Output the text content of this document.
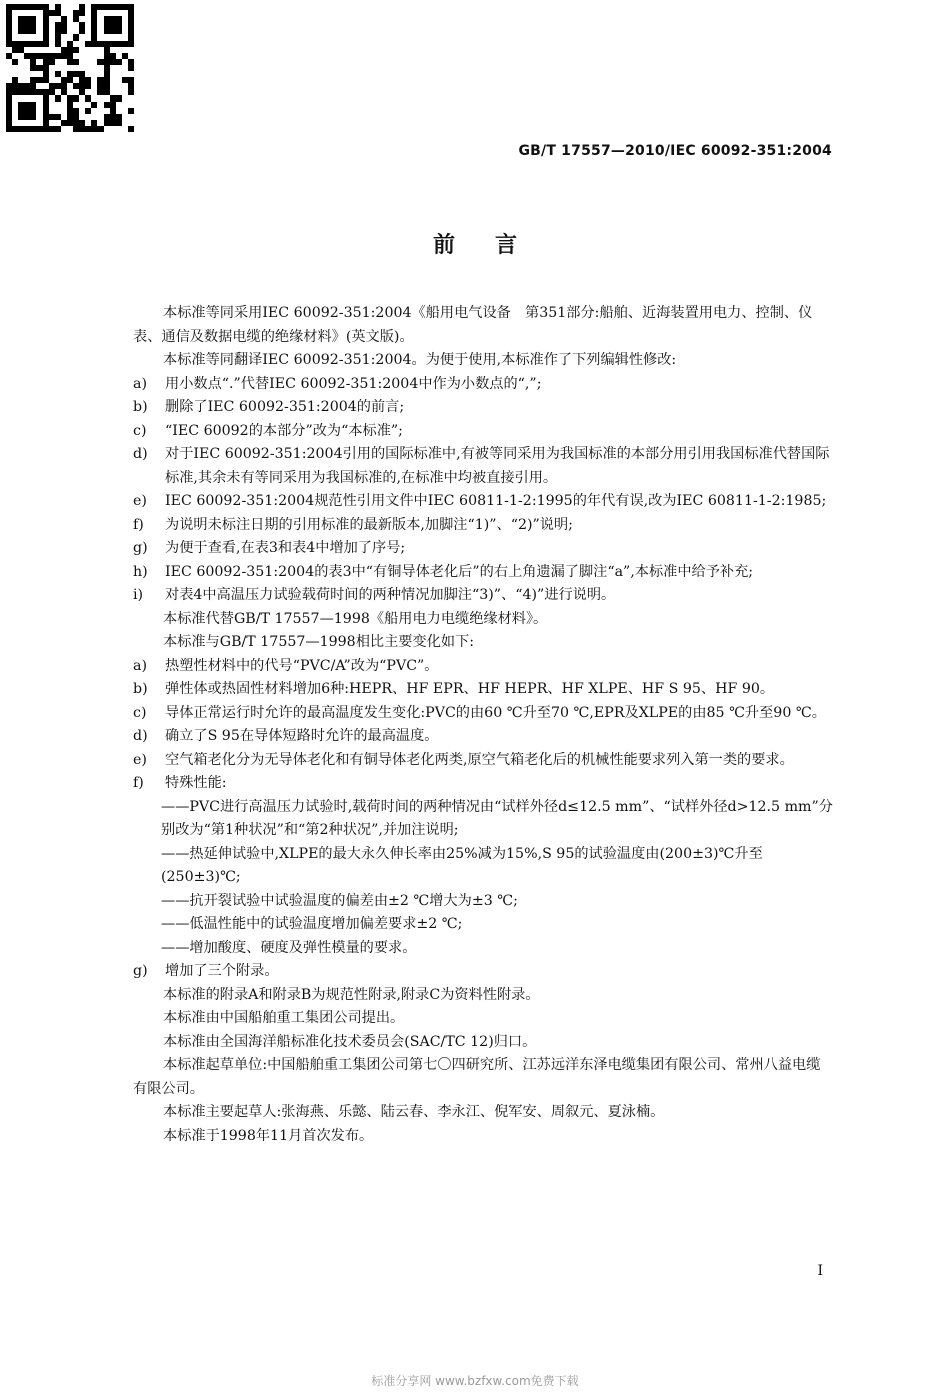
GB/T 17557—2010/IEC 60092-351:2004
前言

本标准等同采用IEC 60092-351:2004《船用电气设备　第351部分:船舶、近海装置用电力、控制、仪表、通信及数据电缆的绝缘材料》(英文版)。

本标准等同翻译IEC 60092-351:2004。为便于使用,本标准作了下列编辑性修改:

a)	用小数点“.”代替IEC 60092-351:2004中作为小数点的“,”;
b)	删除了IEC 60092-351:2004的前言;
c)	“IEC 60092的本部分”改为“本标准”;
d)	对于IEC 60092-351:2004引用的国际标准中,有被等同采用为我国标准的本部分用引用我国标准代替国际标准,其余未有等同采用为我国标准的,在标准中均被直接引用。
e)	IEC 60092-351:2004规范性引用文件中IEC 60811-1-2:1995的年代有误,改为IEC 60811-1-2:1985;
f)	为说明未标注日期的引用标准的最新版本,加脚注“1)”、“2)”说明;
g)	为便于查看,在表3和表4中增加了序号;
h)	IEC 60092-351:2004的表3中“有铜导体老化后”的右上角遗漏了脚注“a”,本标准中给予补充;
i)	对表4中高温压力试验载荷时间的两种情况加脚注“3)”、“4)”进行说明。

本标准代替GB/T 17557—1998《船用电力电缆绝缘材料》。

本标准与GB/T 17557—1998相比主要变化如下:

a)	热塑性材料中的代号“PVC/A”改为“PVC”。
b)	弹性体或热固性材料增加6种:HEPR、HF EPR、HF HEPR、HF XLPE、HF S 95、HF 90。
c)	导体正常运行时允许的最高温度发生变化:PVC的由60 ℃升至70 ℃,EPR及XLPE的由85 ℃升至90 ℃。
d)	确立了S 95在导体短路时允许的最高温度。
e)	空气箱老化分为无导体老化和有铜导体老化两类,原空气箱老化后的机械性能要求列入第一类的要求。
f)	特殊性能:

——PVC进行高温压力试验时,载荷时间的两种情况由“试样外径d≤12.5 mm”、“试样外径d>12.5 mm”分别改为“第1种状况”和“第2种状况”,并加注说明;

——热延伸试验中,XLPE的最大永久伸长率由25%减为15%,S 95的试验温度由(200±3)℃升至(250±3)℃;

——抗开裂试验中试验温度的偏差由±2 ℃增大为±3 ℃;

——低温性能中的试验温度增加偏差要求±2 ℃;

——增加酸度、硬度及弹性模量的要求。

g)	增加了三个附录。

本标准的附录A和附录B为规范性附录,附录C为资料性附录。

本标准由中国船舶重工集团公司提出。

本标准由全国海洋船标准化技术委员会(SAC/TC 12)归口。

本标准起草单位:中国船舶重工集团公司第七〇四研究所、江苏远洋东泽电缆集团有限公司、常州八益电缆有限公司。

本标准主要起草人:张海燕、乐懿、陆云春、李永江、倪军安、周叙元、夏泳楠。

本标准于1998年11月首次发布。

I
标准分享网 www.bzfxw.com免费下载
